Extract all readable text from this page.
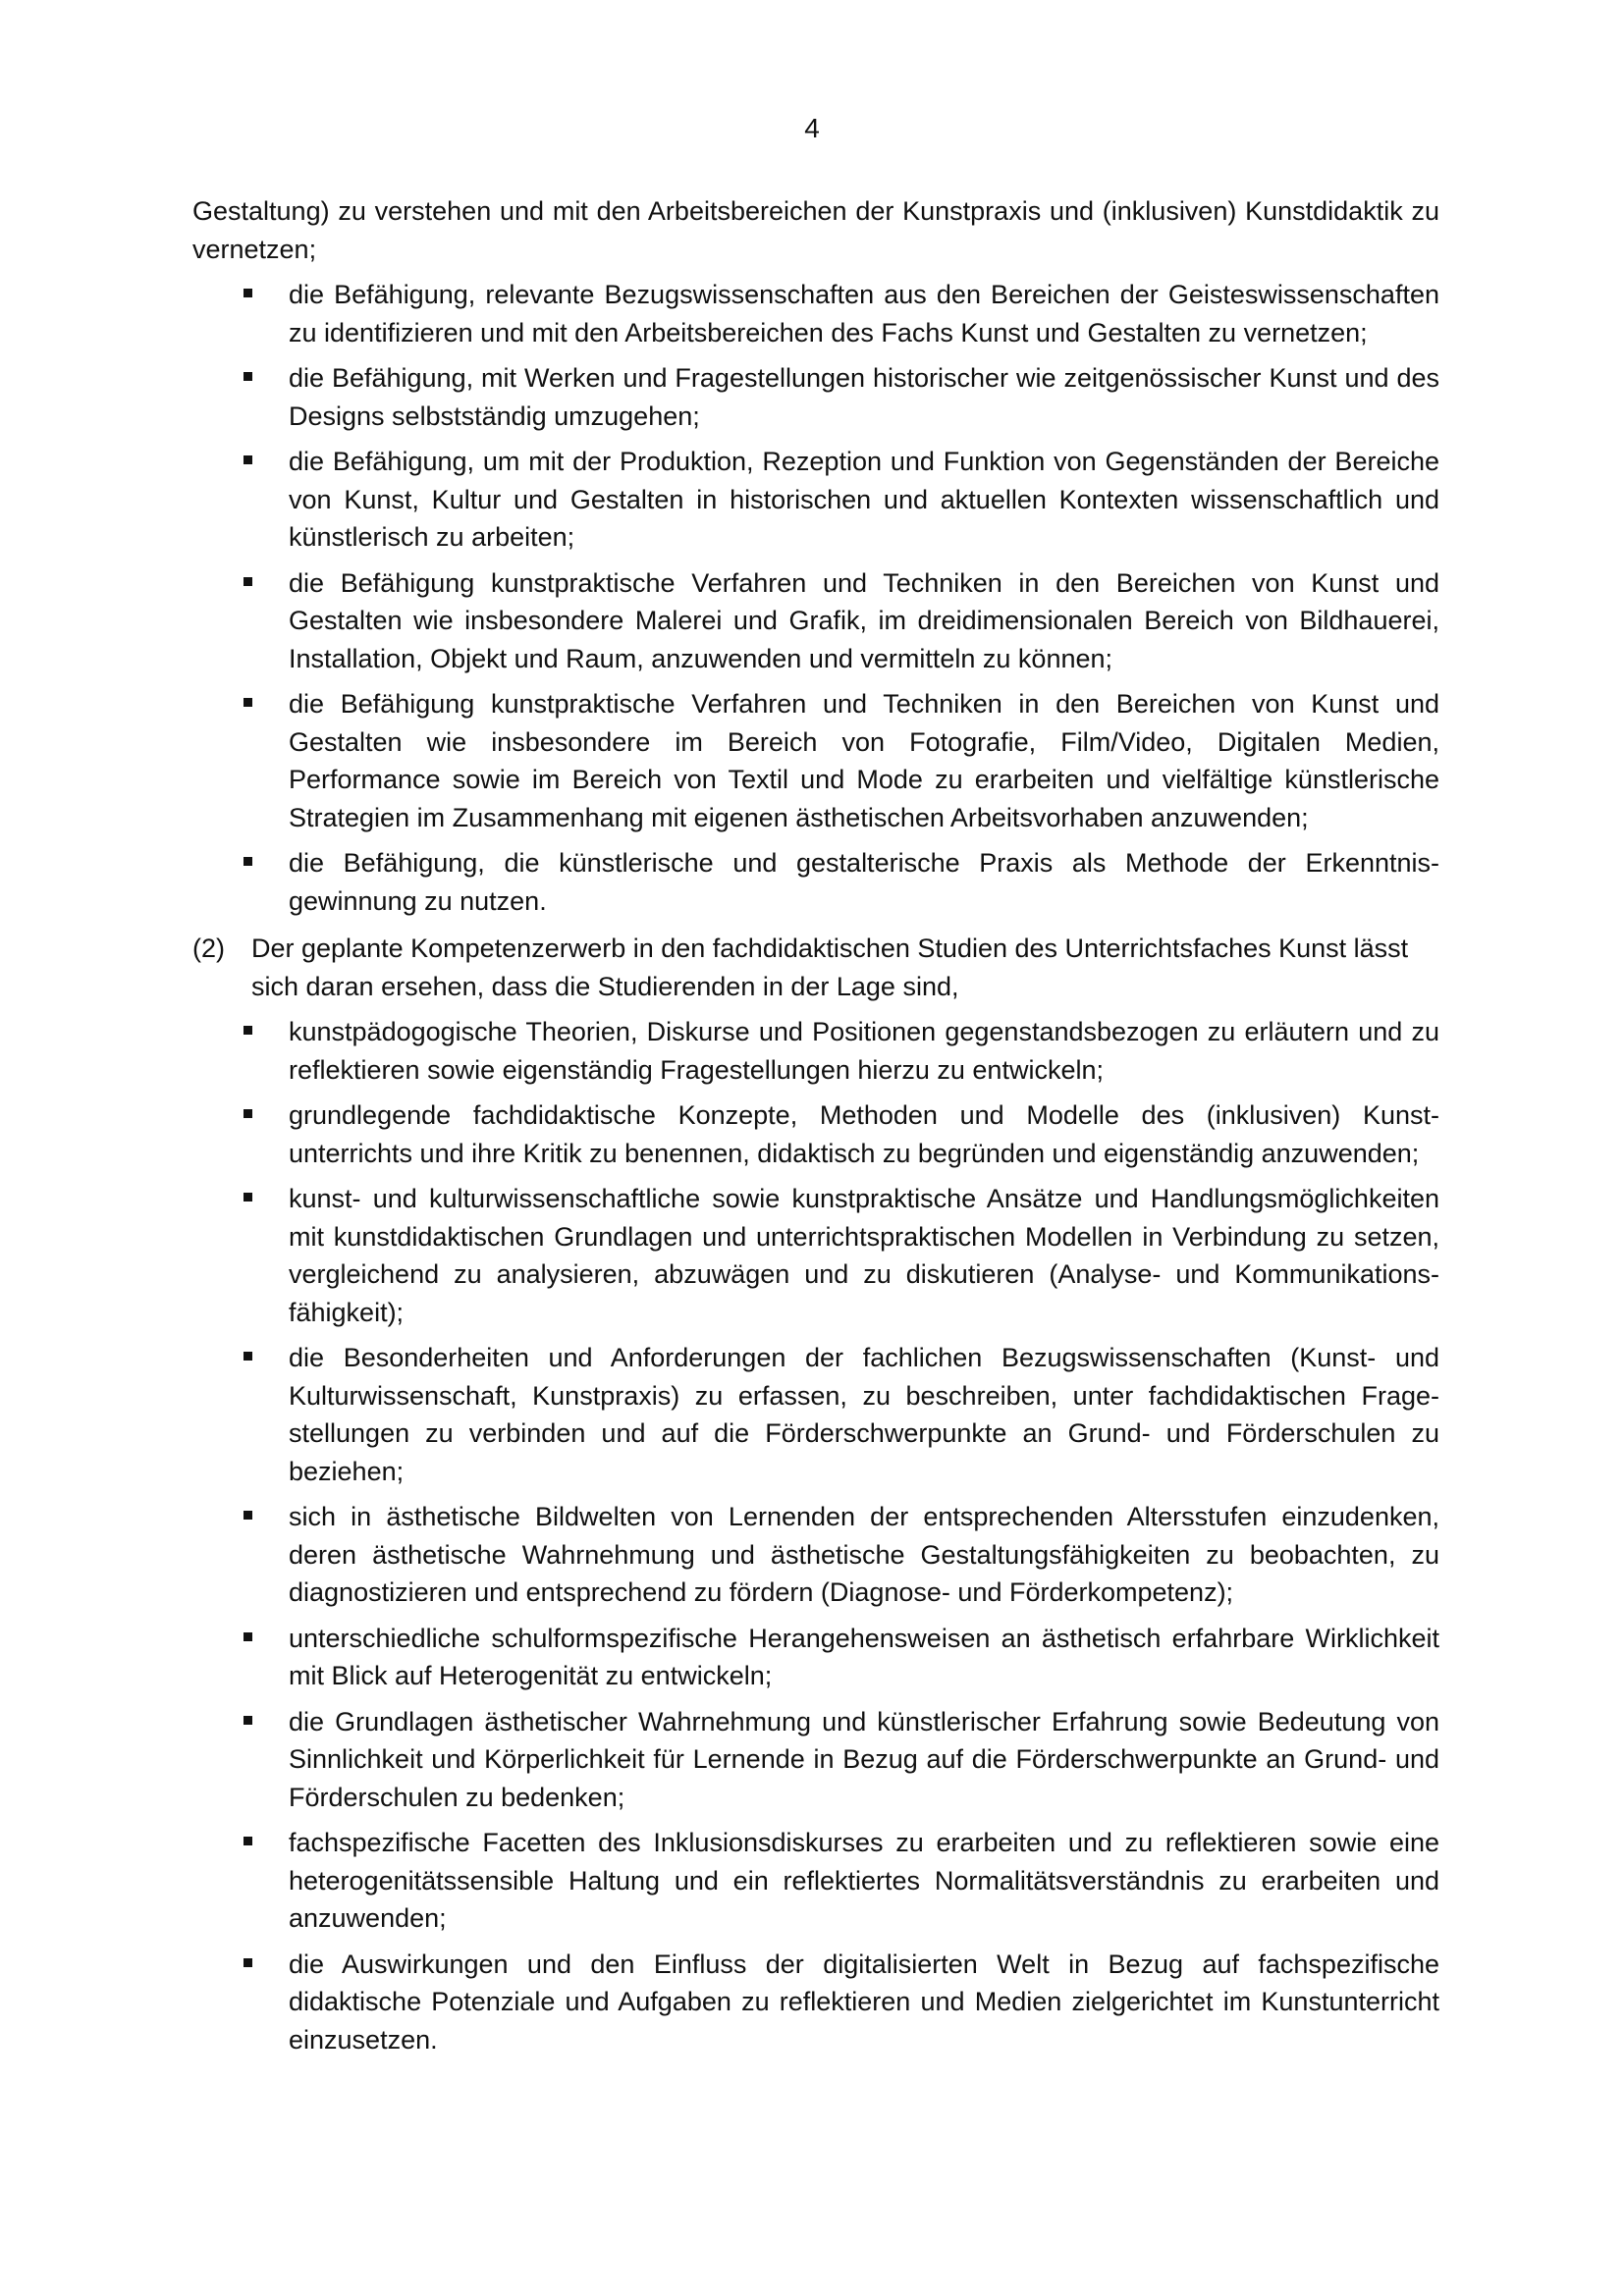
4

Gestaltung) zu verstehen und mit den Arbeitsbereichen der Kunstpraxis und (inklusiven) Kunstdidaktik zu vernetzen;

die Befähigung, relevante Bezugswissenschaften aus den Bereichen der Geisteswissenschaften zu identifizieren und mit den Arbeitsbereichen des Fachs Kunst und Gestalten zu vernetzen;
die Befähigung, mit Werken und Fragestellungen historischer wie zeitgenössischer Kunst und des Designs selbstständig umzugehen;
die Befähigung, um mit der Produktion, Rezeption und Funktion von Gegenständen der Bereiche von Kunst, Kultur und Gestalten in historischen und aktuellen Kontexten wissenschaftlich und künstlerisch zu arbeiten;
die Befähigung kunstpraktische Verfahren und Techniken in den Bereichen von Kunst und Gestalten wie insbesondere Malerei und Grafik, im dreidimensionalen Bereich von Bildhauerei, Installation, Objekt und Raum, anzuwenden und vermitteln zu können;
die Befähigung kunstpraktische Verfahren und Techniken in den Bereichen von Kunst und Gestalten wie insbesondere im Bereich von Fotografie, Film/Video, Digitalen Medien, Performance sowie im Bereich von Textil und Mode zu erarbeiten und vielfältige künstlerische Strategien im Zusammenhang mit eigenen ästhetischen Arbeitsvorhaben anzuwenden;
die Befähigung, die künstlerische und gestalterische Praxis als Methode der Erkenntnis-gewinnung zu nutzen.
(2) Der geplante Kompetenzerwerb in den fachdidaktischen Studien des Unterrichtsfaches Kunst lässt sich daran ersehen, dass die Studierenden in der Lage sind,
kunstpädogogische Theorien, Diskurse und Positionen gegenstandsbezogen zu erläutern und zu reflektieren sowie eigenständig Fragestellungen hierzu zu entwickeln;
grundlegende fachdidaktische Konzepte, Methoden und Modelle des (inklusiven) Kunst-unterrichts und ihre Kritik zu benennen, didaktisch zu begründen und eigenständig anzuwenden;
kunst- und kulturwissenschaftliche sowie kunstpraktische Ansätze und Handlungsmöglichkeiten mit kunstdidaktischen Grundlagen und unterrichtspraktischen Modellen in Verbindung zu setzen, vergleichend zu analysieren, abzuwägen und zu diskutieren (Analyse- und Kommunikations-fähigkeit);
die Besonderheiten und Anforderungen der fachlichen Bezugswissenschaften (Kunst- und Kulturwissenschaft, Kunstpraxis) zu erfassen, zu beschreiben, unter fachdidaktischen Frage-stellungen zu verbinden und auf die Förderschwerpunkte an Grund- und Förderschulen zu beziehen;
sich in ästhetische Bildwelten von Lernenden der entsprechenden Altersstufen einzudenken, deren ästhetische Wahrnehmung und ästhetische Gestaltungsfähigkeiten zu beobachten, zu diagnostizieren und entsprechend zu fördern (Diagnose- und Förderkompetenz);
unterschiedliche schulformspezifische Herangehensweisen an ästhetisch erfahrbare Wirklichkeit mit Blick auf Heterogenität zu entwickeln;
die Grundlagen ästhetischer Wahrnehmung und künstlerischer Erfahrung sowie Bedeutung von Sinnlichkeit und Körperlichkeit für Lernende in Bezug auf die Förderschwerpunkte an Grund- und Förderschulen zu bedenken;
fachspezifische Facetten des Inklusionsdiskurses zu erarbeiten und zu reflektieren sowie eine heterogenitätssensible Haltung und ein reflektiertes Normalitätsverständnis zu erarbeiten und anzuwenden;
die Auswirkungen und den Einfluss der digitalisierten Welt in Bezug auf fachspezifische didaktische Potenziale und Aufgaben zu reflektieren und Medien zielgerichtet im Kunstunterricht einzusetzen.
